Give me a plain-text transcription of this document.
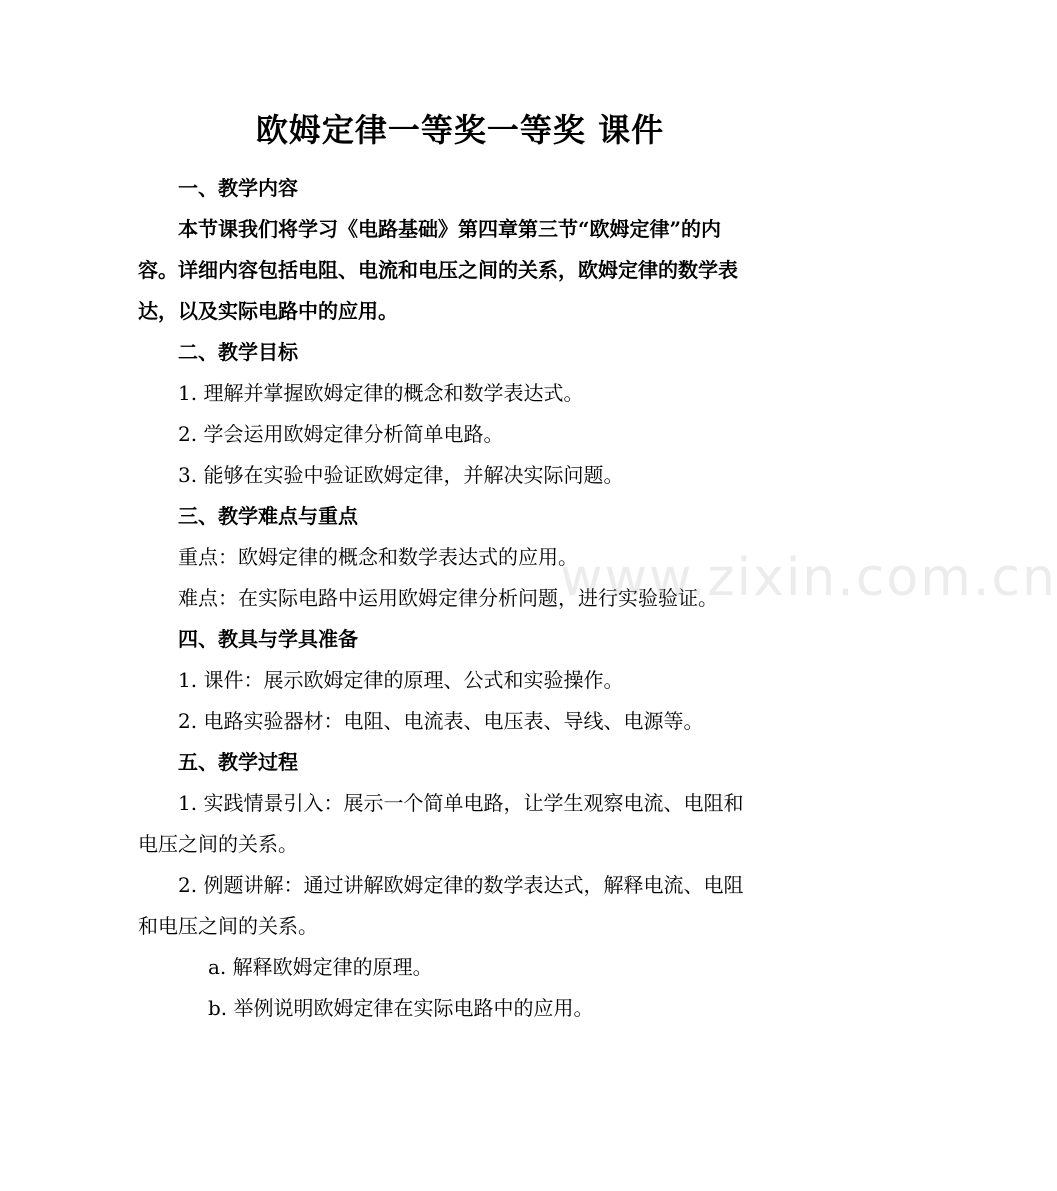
欧姆定律一等奖一等奖 课件
一、教学内容
本节课我们将学习《电路基础》第四章第三节“欧姆定律”的内
容。详细内容包括电阻、电流和电压之间的关系，欧姆定律的数学表
达，以及实际电路中的应用。
二、教学目标
1. 理解并掌握欧姆定律的概念和数学表达式。
2. 学会运用欧姆定律分析简单电路。
3. 能够在实验中验证欧姆定律，并解决实际问题。
三、教学难点与重点
重点：欧姆定律的概念和数学表达式的应用。
难点：在实际电路中运用欧姆定律分析问题，进行实验验证。
四、教具与学具准备
1. 课件：展示欧姆定律的原理、公式和实验操作。
2. 电路实验器材：电阻、电流表、电压表、导线、电源等。
五、教学过程
1. 实践情景引入：展示一个简单电路，让学生观察电流、电阻和
电压之间的关系。
2. 例题讲解：通过讲解欧姆定律的数学表达式，解释电流、电阻
和电压之间的关系。
a. 解释欧姆定律的原理。
b. 举例说明欧姆定律在实际电路中的应用。
www.zixin.com.cn
